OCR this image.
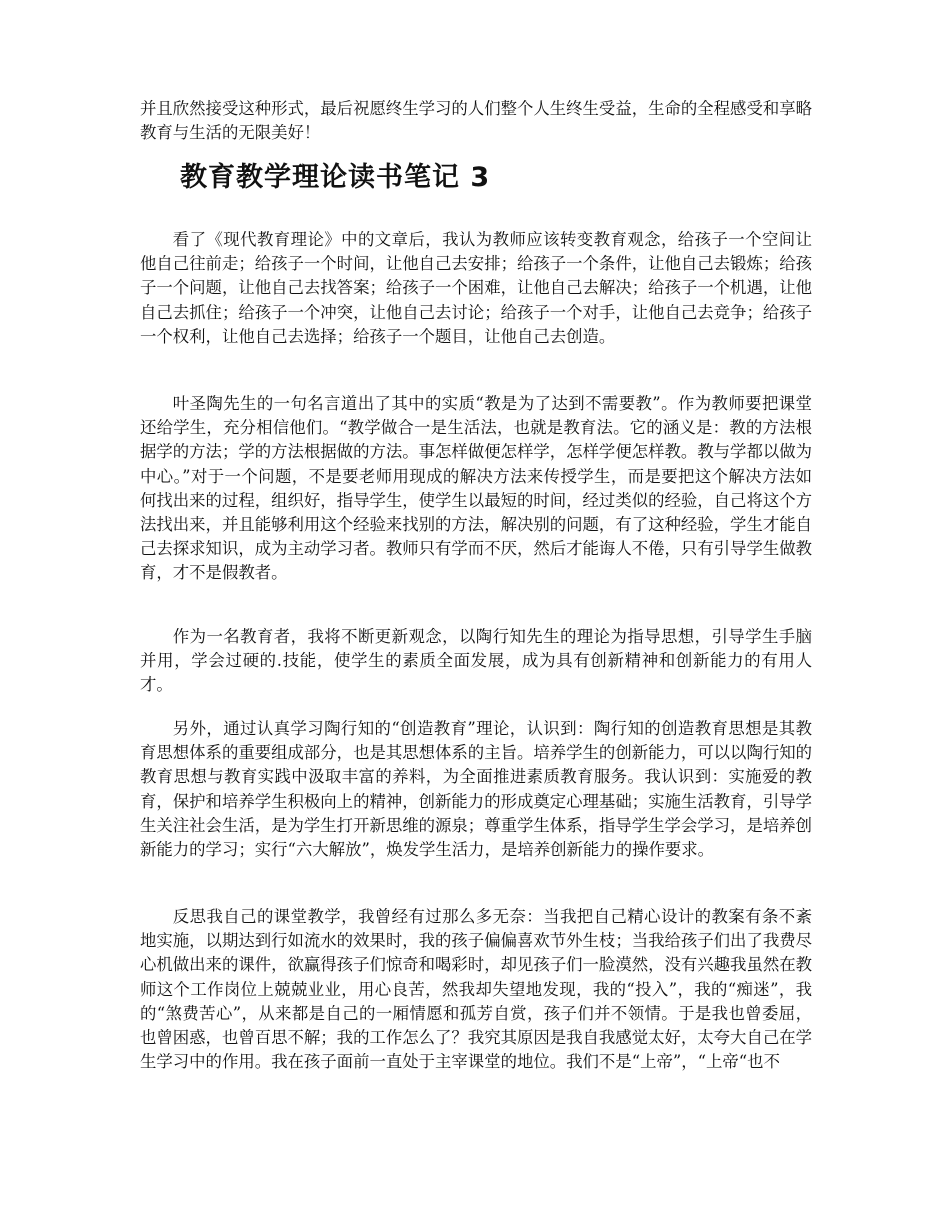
并且欣然接受这种形式，最后祝愿终生学习的人们整个人生终生受益，生命的全程感受和享略教育与生活的无限美好！
教育教学理论读书笔记 3
看了《现代教育理论》中的文章后，我认为教师应该转变教育观念，给孩子一个空间让他自己往前走；给孩子一个时间，让他自己去安排；给孩子一个条件，让他自己去锻炼；给孩子一个问题，让他自己去找答案；给孩子一个困难，让他自己去解决；给孩子一个机遇，让他自己去抓住；给孩子一个冲突，让他自己去讨论；给孩子一个对手，让他自己去竞争；给孩子一个权利，让他自己去选择；给孩子一个题目，让他自己去创造。
叶圣陶先生的一句名言道出了其中的实质“教是为了达到不需要教”。作为教师要把课堂还给学生，充分相信他们。“教学做合一是生活法，也就是教育法。它的涵义是：教的方法根据学的方法；学的方法根据做的方法。事怎样做便怎样学，怎样学便怎样教。教与学都以做为中心。”对于一个问题，不是要老师用现成的解决方法来传授学生，而是要把这个解决方法如何找出来的过程，组织好，指导学生，使学生以最短的时间，经过类似的经验，自己将这个方法找出来，并且能够利用这个经验来找别的方法，解决别的问题，有了这种经验，学生才能自己去探求知识，成为主动学习者。教师只有学而不厌，然后才能诲人不倦，只有引导学生做教育，才不是假教者。
作为一名教育者，我将不断更新观念，以陶行知先生的理论为指导思想，引导学生手脑并用，学会过硬的.技能，使学生的素质全面发展，成为具有创新精神和创新能力的有用人才。
另外，通过认真学习陶行知的“创造教育”理论，认识到：陶行知的创造教育思想是其教育思想体系的重要组成部分，也是其思想体系的主旨。培养学生的创新能力，可以以陶行知的教育思想与教育实践中汲取丰富的养料，为全面推进素质教育服务。我认识到：实施爱的教育，保护和培养学生积极向上的精神，创新能力的形成奠定心理基础；实施生活教育，引导学生关注社会生活，是为学生打开新思维的源泉；尊重学生体系，指导学生学会学习，是培养创新能力的学习；实行“六大解放”，焕发学生活力，是培养创新能力的操作要求。
反思我自己的课堂教学，我曾经有过那么多无奈：当我把自己精心设计的教案有条不紊地实施，以期达到行如流水的效果时，我的孩子偏偏喜欢节外生枝；当我给孩子们出了我费尽心机做出来的课件，欲赢得孩子们惊奇和喝彩时，却见孩子们一脸漠然，没有兴趣我虽然在教师这个工作岗位上兢兢业业，用心良苦，然我却失望地发现，我的“投入”，我的“痴迷”，我的“煞费苦心”，从来都是自己的一厢情愿和孤芳自赏，孩子们并不领情。于是我也曾委屈，也曾困惑，也曾百思不解；我的工作怎么了？我究其原因是我自我感觉太好，太夸大自己在学生学习中的作用。我在孩子面前一直处于主宰课堂的地位。我们不是“上帝”，“上帝“也不
